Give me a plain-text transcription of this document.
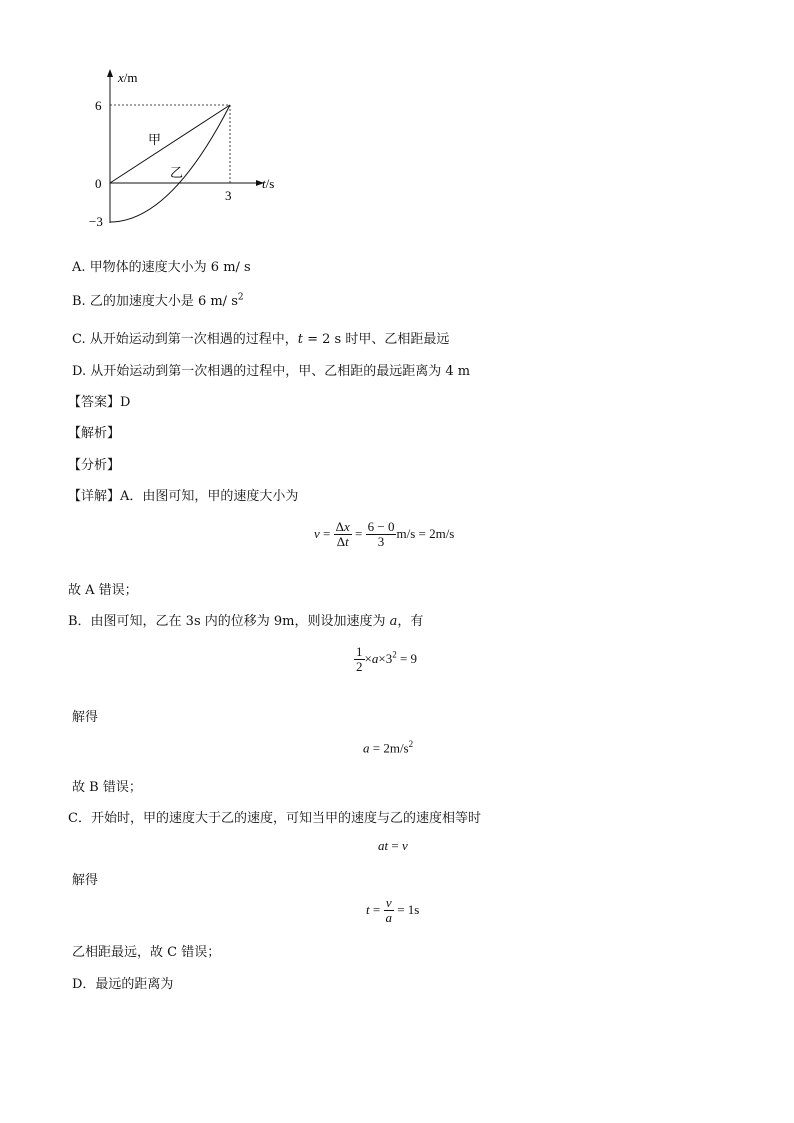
x/m
t/s
6
0
−3
3
甲
乙
A. 甲物体的速度大小为 6 m/ s
B. 乙的加速度大小是 6 m/ $s^2$
C. 从开始运动到第一次相遇的过程中，t = 2 s 时甲、乙相距最远
D. 从开始运动到第一次相遇的过程中，甲、乙相距的最远距离为 4 m
【答案】D
【解析】
【分析】
【详解】A．由图可知，甲的速度大小为
$v = \frac{\Delta x}{\Delta t} = \frac{6 - 0}{3} m/s = 2m/s$
故 A 错误；
B．由图可知，乙在 3s 内的位移为 9m，则设加速度为 a，有
$\frac{1}{2} \times a\times 3^2 = 9$
解得
$a = 2m/s^2$
故 B 错误；
C．开始时，甲的速度大于乙的速度，可知当甲的速度与乙的速度相等时
at = v
解得
$t = \frac{v}{a} = 1s$
乙相距最远，故 C 错误；
D．最远的距离为
